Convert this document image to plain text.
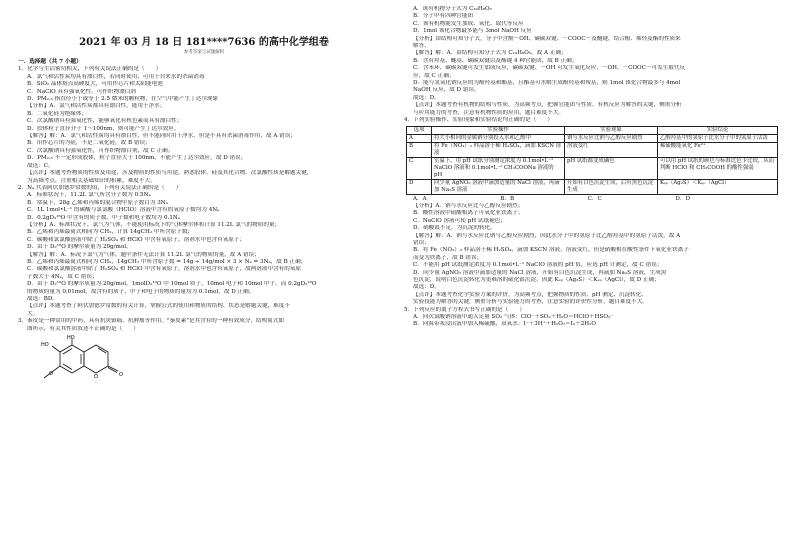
2021 年 03 月 18 日 181****7636 的高中化学组卷
参考答案与试题解析
一．选择题（共 7 小题）
1．化学与生活密切相关，下列有关说法正确的是（　　）
A．氯气和活性炭均具有漂白性，若同时使用，可用于自来水的杀菌消毒
B．SiO₂ 晶体熔点高硬度大，可用作芯片和太阳能电池
C．NaClO 具有强氧化性，可作织物漂白剂
D．PM₂.₅ 指直径小于或等于 2.5 微米的颗粒物，在空气中能产生丁达尔现象
【分析】A．氯气和活性炭都具有漂白性，能用于净水；
B．二氧化硅为绝缘体；
C．次氯酸钠具有强氧化性，能够氧化有机色素而具有漂白性；
D．胶体粒子直径介于 1～100nm，则可能产生丁达尔效应。
【解答】解：A．氯气和活性炭均具有漂白性，但不能同时用于净水，但是不具有杀菌消毒作用，故 A 错误；
B．用作芯片的为硅，不是二氧化硅，故 B 错误；
C．次氯酸钠具有强氧化性，可作织物漂白剂，故 C 正确；
D．PM₂.₅ 不一定形成胶体，粒子直径大于 100nm，不能产生丁达尔效应，故 D 错误；
故选：C。
【点评】本题考查物质的性质及用途，涉及物质的性质与用途，熟悉胶体、硅及其化合物、次氯酸性质是解题关键，
为高频考点，注重相关基础知识的积累，难度不大。
2．Nₐ 代表阿伏加德罗常数的值，下列有关说法正确的是（　　）
A．标准状况下，11.2L 氯气所含分子数为 0.5Nₐ
B．常温下，28g 乙烯和丙烯的混合物中原子数目为 3Nₐ
C．1L 1mol•L⁻¹ 的碳酸与氯氯酸（HClO）溶液中含有的氧原子数均为 4Nₐ
D．0.2gD₂¹⁶O 中含有的质子数、中子数和电子数均为 0.1Nₐ
【分析】A．标准状况下，氯气为气体，不能使用标况下的气体摩尔体积计算 11.2L 氯气的物质的量；
B．乙烯和丙烯最简式相同为 CH₂，计算 14gCH₂ 中所含原子数；
C．碳酸和氯氯酸溶液中除了 H₂SO₄ 和 HClO 中含有氧原子，溶剂水中也含有氧原子；
D．由于 D₂¹⁶O 的摩尔质量为 20g/mol。
【解答】解：A．标况下氯气为气体，题中条件无法计算 11.2L 氯气的物质的量，故 A 错误；
B．乙烯和丙烯最简式相同为 CH₂，14gCH₂ 中所含原子数 = 14g ÷ 14g/mol × 3 × Nₐ = 3Nₐ，故 B 正确；
C．碳酸和氯氯酸溶液中除了 H₂SO₄ 和 HClO 中含有氧原子，溶剂水中也含有氧原子，故两溶液中含有的氧原
子数大于 4Nₐ，故 C 错误；
D．由于 D₂¹⁶O 的摩尔质量为 20g/mol，1molD₂¹⁶O 中 10mol 质子，10mol 电子和 10mol 中子，而 0.2gD₂¹⁶O
的物质的量为 0.01mol，故含有的质子、中子和电子的物质的量均为 0.1mol，故 D 正确；
故选：BD。
【点评】本题考查了阿伏加德罗常数的有关计算，掌握公式的使用和物质的结构、状态是解题关键，难度不
大。
3．秦皮是一种常用的中药，具有抗炎镇痛、抗肿瘤等作用。"秦皮素"是其含有的一种有效成分，结构简式如
图所示，有关其性质叙述不正确的是（　　）
HO
HO
O	O	O
A．该有机物分子式为 C₁₀H₈O₅
B．分子中有四种官能团
C．该有机物能发生加成、氧化、取代等反应
D．1mol 该化合物最多能与 3mol NaOH 反应
【分析】由结构可知分子式，分子中含酚－OH、碳碳双键、－COOC－及醚键，结合酚、烯烃及酯的性质来
解答。
【解答】解：A．由结构可知分子式为 C₁₀H₈O₅，故 A 正确；
B．含有羟基、醚基、碳碳双键以及酯键 4 种官能团，故 B 正确；
C．含苯环、碳碳双键可发生加成反应，碳碳双键、－OH 可发生氧化反应，－OH、－COOC－可发生取代反
应，故 C 正确；
D．能与氢氧化钠反应的为酚羟基和酯基，且酯基可水解生成酚羟基和羧基，则 1mol 该化合物最多与 4mol
NaOH 反应，故 D 错误。
故选：D。
【点评】本题考查有机物的结构与性质，为高频考点，把握官能团与性质、有机反应为解答的关键，侧重分析
与应用能力的考查，注意有机物性质的应用，题目难度不大。
4．下列实验操作、实验现象和实验结论均正确的是（　　）
选项	实验操作	实验现象	实验结论
A	将大小相同的金属钠分别投入水和乙醇中	钠与水反应比钠与乙醇反应剧烈	乙醇羟基中的氢原子比水分子中的氢原子活泼
B	将 Fe（NO₃）₂ 样品溶于稀 H₂SO₄，滴加 KSCN 溶液	溶液变红	稀硫酸能氧化 Fe²⁺
C	室温下，用 pH 试纸分别测定浓度为 0.1mol•L⁻¹ NaClO 溶液和 0.1mol•L⁻¹ CH₃COONa 溶液的 pH	pH 试纸都变成碱色	可以用 pH 试纸的颜色与标准比色卡比较，从而判断 HClO 和 CH₃COOH 的酸性强弱
D	向少量 AgNO₃ 溶液中滴加适量的 NaCl 溶液，再滴加 Na₂S 溶液	开始有白色沉淀生成，后有黑色沉淀生成	Kₛₚ（Ag₂S）＜Kₛₚ（AgCl）
A．A	B．B	C．C	D．D
【分析】A．钠与水反应比与乙醇反应剧烈；
B．酸性溶液中硝酸根离子可氧化亚铁离子；
C．NaClO 溶液可使 pH 试纸褪色；
D．硝酸银不足，为沉淀的转化。
【解答】解：A．钠与水反应比钠与乙醇反应剧烈，因此水分子中的氢原子比乙醇羟基中的氢原子活泼，故 A
错误；
B．将 Fe（NO₃）₂ 样品溶于稀 H₂SO₄，滴加 KSCN 溶液，溶液变红，但是硝酸根在酸性条件下氧化亚铁离子
而变为铁离子，故 B 错误；
C．不能用 pH 试纸测定浓度为 0.1mol•L⁻¹ NaClO 溶液的 pH 值，应选 pH 计测定，故 C 错误；
D．向少量 AgNO₃ 溶液中滴加适量的 NaCl 溶液，开始有白色沉淀生成，再滴加 Na₂S 溶液，生成黑
色沉淀，说明白色沉淀转化为更难溶的硫化银沉淀，因此 Kₛₚ（Ag₂S）＜Kₛₚ（AgCl），故 D 正确；
故选：D。
【点评】本题考查化学实验方案的评价，为高频考点，把握物质的性质、pH 测定、沉淀转化、
实验技能为解答的关键，侧重分析与实验能力的考查，注意实验的评价性分析，题目难度不大。
5．下列反应的离子方程式书写正确的是（　　）
A．向次氯酸钠溶液中通入足量 SO₂ 气体：ClO⁻＋SO₂＋H₂O＝HClO＋HSO₃⁻
B．向海带灰浸出液中加入稀硫酸、双氧水：I⁻＋3H⁺＋H₂O₂＝I₂＋2H₂O
